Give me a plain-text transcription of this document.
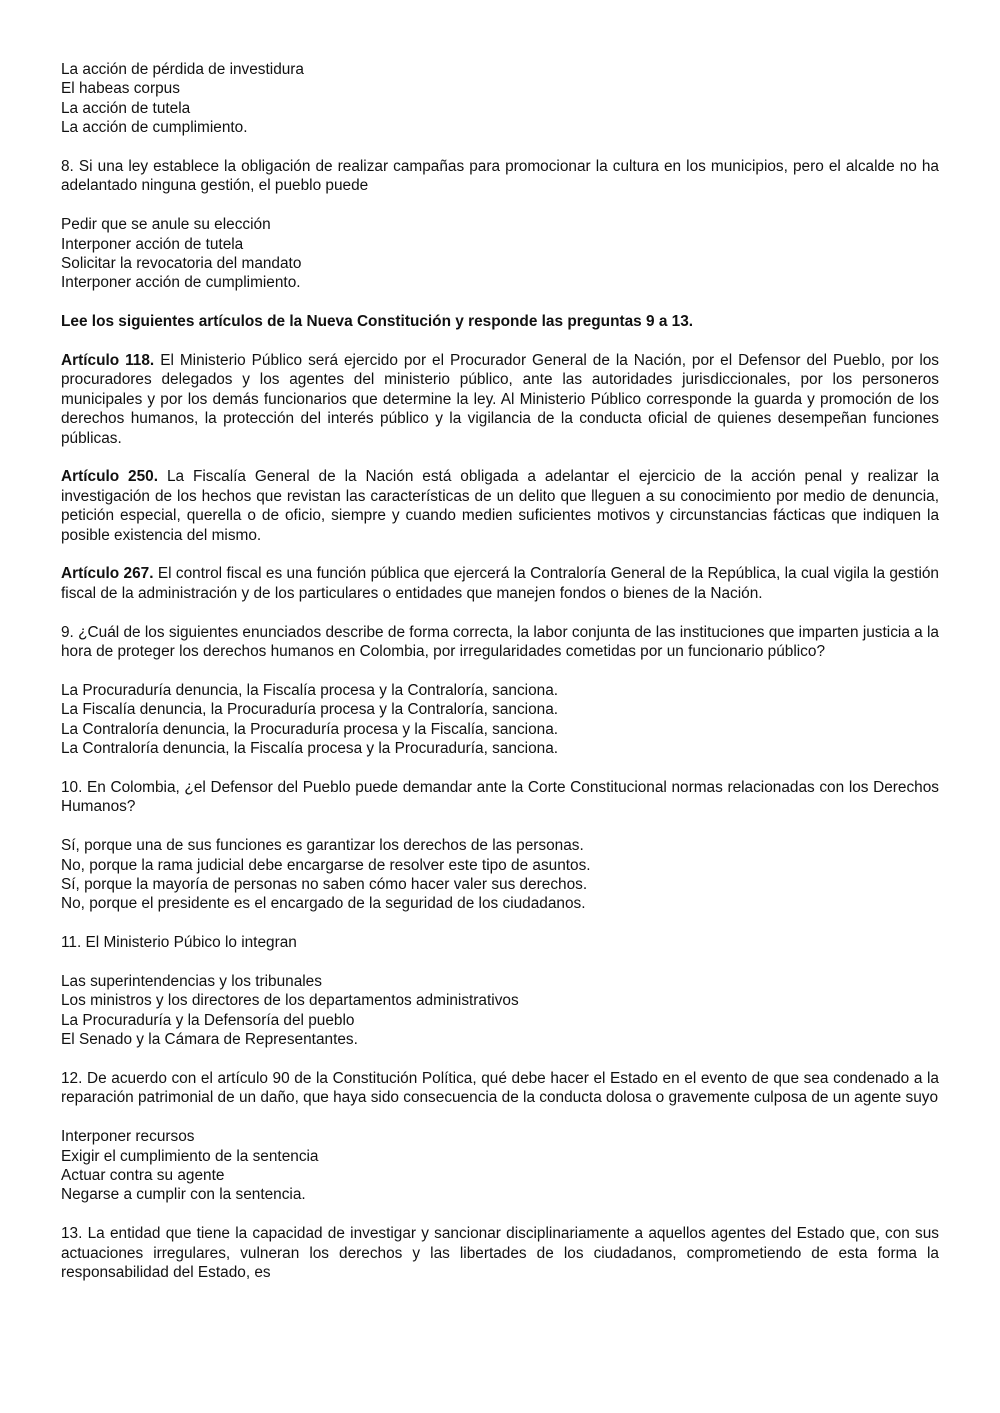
La acción de pérdida de investidura
El habeas corpus
La acción de tutela
La acción de cumplimiento.
8. Si una ley establece la obligación de realizar campañas para promocionar la cultura en los municipios, pero el alcalde no ha adelantado ninguna gestión, el pueblo puede
Pedir que se anule su elección
Interponer acción de tutela
Solicitar la revocatoria del mandato
Interponer acción de cumplimiento.
Lee los siguientes artículos de la Nueva Constitución y responde las preguntas 9 a 13.
Artículo 118. El Ministerio Público será ejercido por el Procurador General de la Nación, por el Defensor del Pueblo, por los procuradores delegados y los agentes del ministerio público, ante las autoridades jurisdiccionales, por los personeros municipales y por los demás funcionarios que determine la ley. Al Ministerio Público corresponde la guarda y promoción de los derechos humanos, la protección del interés público y la vigilancia de la conducta oficial de quienes desempeñan funciones públicas.
Artículo 250. La Fiscalía General de la Nación está obligada a adelantar el ejercicio de la acción penal y realizar la investigación de los hechos que revistan las características de un delito que lleguen a su conocimiento por medio de denuncia, petición especial, querella o de oficio, siempre y cuando medien suficientes motivos y circunstancias fácticas que indiquen la posible existencia del mismo.
Artículo 267. El control fiscal es una función pública que ejercerá la Contraloría General de la República, la cual vigila la gestión fiscal de la administración y de los particulares o entidades que manejen fondos o bienes de la Nación.
9. ¿Cuál de los siguientes enunciados describe de forma correcta, la labor conjunta de las instituciones que imparten justicia a la hora de proteger los derechos humanos en Colombia, por irregularidades cometidas por un funcionario público?
La Procuraduría denuncia, la Fiscalía procesa y la Contraloría, sanciona.
La Fiscalía denuncia, la Procuraduría procesa y la Contraloría, sanciona.
La Contraloría denuncia, la Procuraduría procesa y la Fiscalía, sanciona.
La Contraloría denuncia, la Fiscalía procesa y la Procuraduría, sanciona.
10. En Colombia, ¿el Defensor del Pueblo puede demandar ante la Corte Constitucional normas relacionadas con los Derechos Humanos?
Sí, porque una de sus funciones es garantizar los derechos de las personas.
No, porque la rama judicial debe encargarse de resolver este tipo de asuntos.
Sí, porque la mayoría de personas no saben cómo hacer valer sus derechos.
No, porque el presidente es el encargado de la seguridad de los ciudadanos.
11. El Ministerio Púbico lo integran
Las superintendencias y los tribunales
Los ministros y los directores de los departamentos administrativos
La Procuraduría y la Defensoría del pueblo
El Senado y la Cámara de Representantes.
12. De acuerdo con el artículo 90 de la Constitución Política, qué debe hacer el Estado en el evento de que sea condenado a la reparación patrimonial de un daño, que haya sido consecuencia de la conducta dolosa o gravemente culposa de un agente suyo
Interponer recursos
Exigir el cumplimiento de la sentencia
Actuar contra su agente
Negarse a cumplir con la sentencia.
13. La entidad que tiene la capacidad de investigar y sancionar disciplinariamente a aquellos agentes del Estado que, con sus actuaciones irregulares, vulneran los derechos y las libertades de los ciudadanos, comprometiendo de esta forma la responsabilidad del Estado, es
